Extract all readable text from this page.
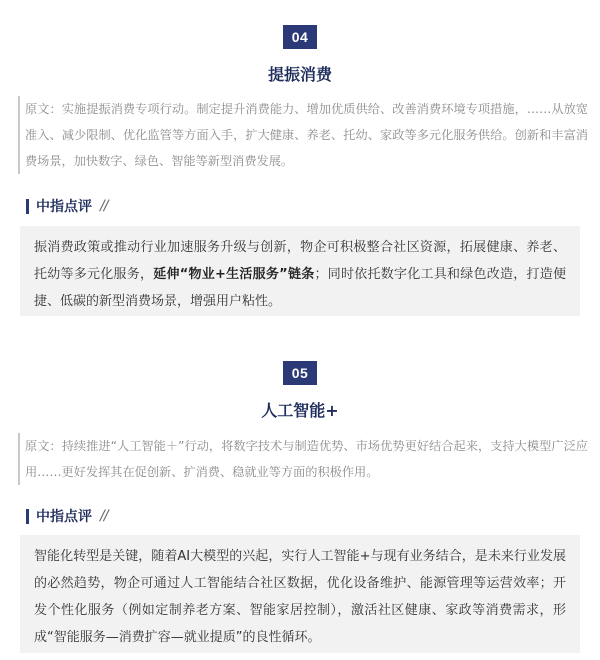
04
提振消费
原文：实施提振消费专项行动。制定提升消费能力、增加优质供给、改善消费环境专项措施，……从放宽准入、减少限制、优化监管等方面入手，扩大健康、养老、托幼、家政等多元化服务供给。创新和丰富消费场景，加快数字、绿色、智能等新型消费发展。
中指点评 //
振消费政策或推动行业加速服务升级与创新，物企可积极整合社区资源，拓展健康、养老、托幼等多元化服务，延伸“物业+生活服务”链条；同时依托数字化工具和绿色改造，打造便捷、低碳的新型消费场景，增强用户粘性。
05
人工智能+
原文：持续推进“人工智能＋”行动，将数字技术与制造优势、市场优势更好结合起来，支持大模型广泛应用……更好发挥其在促创新、扩消费、稳就业等方面的积极作用。
中指点评 //
智能化转型是关键，随着AI大模型的兴起，实行人工智能+与现有业务结合，是未来行业发展的必然趋势，物企可通过人工智能结合社区数据，优化设备维护、能源管理等运营效率；开发个性化服务（例如定制养老方案、智能家居控制），激活社区健康、家政等消费需求，形成“智能服务—消费扩容—就业提质”的良性循环。
